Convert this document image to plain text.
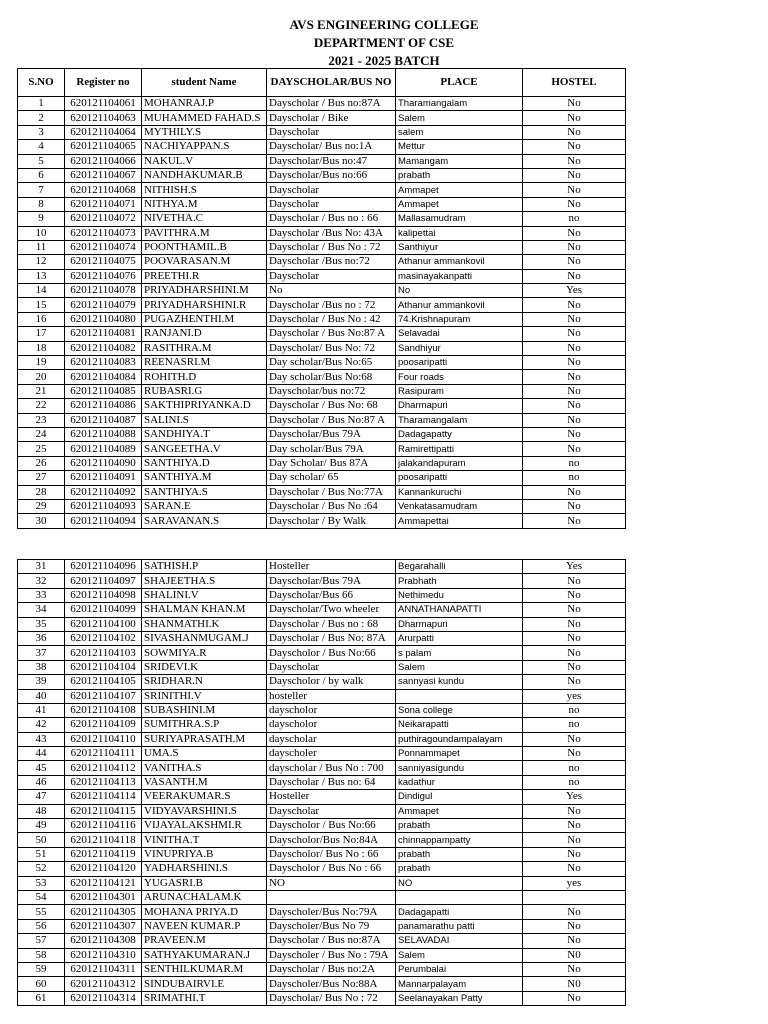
AVS ENGINEERING COLLEGE
DEPARTMENT OF CSE
2021 - 2025 BATCH
S.NO	Register no	student Name	DAYSCHOLAR/BUS NO	PLACE	HOSTEL
1	620121104061	MOHANRAJ.P	Dayscholar / Bus no:87A	Tharamangalam	No
2	620121104063	MUHAMMED FAHAD.S	Dayscholar / Bike	Salem	No
3	620121104064	MYTHILY.S	Dayscholar	salem	No
4	620121104065	NACHIYAPPAN.S	Dayscholar/ Bus no:1A	Mettur	No
5	620121104066	NAKUL.V	Dayscholar/Bus no:47	Mamangam	No
6	620121104067	NANDHAKUMAR.B	Dayscholar/Bus no:66	prabath	No
7	620121104068	NITHISH.S	Dayscholar	Ammapet	No
8	620121104071	NITHYA.M	Dayscholar	Ammapet	No
9	620121104072	NIVETHA.C	Dayscholar / Bus no : 66	Mallasamudram	no
10	620121104073	PAVITHRA.M	Dayscholar /Bus No: 43A	kalipettai	No
11	620121104074	POONTHAMIL.B	Dayscholar / Bus No : 72	Santhiyur	No
12	620121104075	POOVARASAN.M	Dayscholar /Bus no:72	Athanur ammankovil	No
13	620121104076	PREETHI.R	Dayscholar	masinayakanpatti	No
14	620121104078	PRIYADHARSHINI.M	No	No	Yes
15	620121104079	PRIYADHARSHINI.R	Dayscholar /Bus no : 72	Athanur ammankovil	No
16	620121104080	PUGAZHENTHI.M	Dayscholar / Bus No : 42	74.Krishnapuram	No
17	620121104081	RANJANI.D	Dayscholar / Bus No:87 A	Selavadai	No
18	620121104082	RASITHRA.M	Dayscholar/ Bus No: 72	Sandhiyur	No
19	620121104083	REENASRI.M	Day scholar/Bus No:65	poosaripatti	No
20	620121104084	ROHITH.D	Day scholar/Bus No:68	Four roads	No
21	620121104085	RUBASRI.G	Dayscholar/bus no:72	Rasipuram	No
22	620121104086	SAKTHIPRIYANKA.D	Dayscholar / Bus No: 68	Dharmapuri	No
23	620121104087	SALINI.S	Dayscholar / Bus No:87 A	Tharamangalam	No
24	620121104088	SANDHIYA.T	Dayscholar/Bus 79A	Dadagapatty	No
25	620121104089	SANGEETHA.V	Day scholar/Bus 79A	Ramirettipatti	No
26	620121104090	SANTHIYA.D	Day Scholar/ Bus 87A	jalakandapuram	no
27	620121104091	SANTHIYA.M	Day scholar/ 65	poosaripatti	no
28	620121104092	SANTHIYA.S	Dayscholar / Bus No:77A	Kannankuruchi	No
29	620121104093	SARAN.E	Dayscholar / Bus No :64	Venkatasamudram	No
30	620121104094	SARAVANAN.S	Dayscholar / By Walk	Ammapettai	No
31	620121104096	SATHISH.P	Hosteller	Begarahalli	Yes
32	620121104097	SHAJEETHA.S	Dayscholar/Bus 79A	Prabhath	No
33	620121104098	SHALINI.V	Dayscholar/Bus 66	Nethimedu	No
34	620121104099	SHALMAN KHAN.M	Dayscholar/Two wheeler	ANNATHANAPATTI	No
35	620121104100	SHANMATHI.K	Dayscholar / Bus no : 68	Dharmapuri	No
36	620121104102	SIVASHANMUGAM.J	Dayscholar / Bus No: 87A	Arurpatti	No
37	620121104103	SOWMIYA.R	Dayscholor / Bus No:66	s palam	No
38	620121104104	SRIDEVI.K	Dayscholar	Salem	No
39	620121104105	SRIDHAR.N	Dayscholor / by walk	sannyasi kundu	No
40	620121104107	SRINITHI.V	hosteller		yes
41	620121104108	SUBASHINI.M	dayscholor	Sona college	no
42	620121104109	SUMITHRA.S.P	dayscholor	Neikarapatti	no
43	620121104110	SURIYAPRASATH.M	dayscholar	puthiragoundampalayam	No
44	620121104111	UMA.S	dayscholer	Ponnammapet	No
45	620121104112	VANITHA.S	dayscholar / Bus No : 700	sanniyasigundu	no
46	620121104113	VASANTH.M	Dayscholar / Bus no: 64	kadathur	no
47	620121104114	VEERAKUMAR.S	Hosteller	Dindigul	Yes
48	620121104115	VIDYAVARSHINI.S	Dayscholar	Ammapet	No
49	620121104116	VIJAYALAKSHMI.R	Dayscholor / Bus No:66	prabath	No
50	620121104118	VINITHA.T	Dayscholor/Bus No:84A	chinnappampatty	No
51	620121104119	VINUPRIYA.B	Dayscholor/ Bus No : 66	prabath	No
52	620121104120	YADHARSHINI.S	Dayscholor / Bus No : 66	prabath	No
53	620121104121	YUGASRI.B	NO	NO	yes
54	620121104301	ARUNACHALAM.K			
55	620121104305	MOHANA PRIYA.D	Dayscholer/Bus No:79A	Dadagapatti	No
56	620121104307	NAVEEN KUMAR.P	Dayscholer/Bus No 79	panamarathu patti	No
57	620121104308	PRAVEEN.M	Dayscholar / Bus no:87A	SELAVADAI	No
58	620121104310	SATHYAKUMARAN.J	Dayscholer / Bus No : 79A	Salem	N0
59	620121104311	SENTHILKUMAR.M	Dayscholar / Bus no:2A	Perumbalai	No
60	620121104312	SINDUBAIRVI.E	Dayscholer/Bus No:88A	Mannarpalayam	N0
61	620121104314	SRIMATHI.T	Dayscholar/ Bus No : 72	Seelanayakan Patty	No
